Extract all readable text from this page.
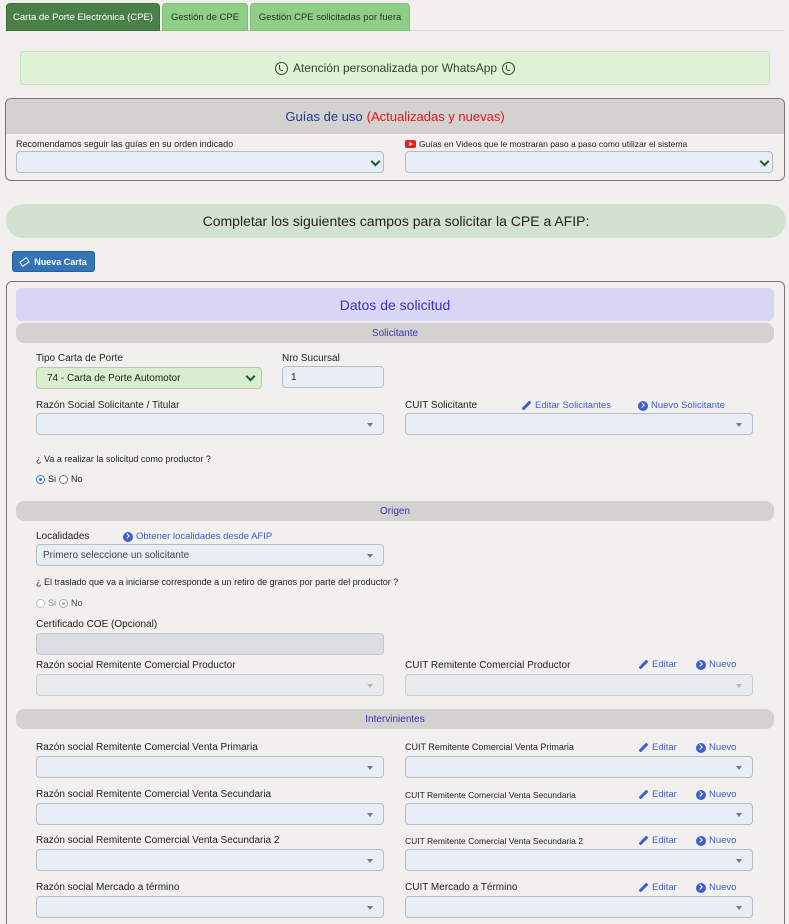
Carta de Porte Electrónica (CPE)	Gestión de CPE	Gestión CPE solicitadas por fuera
Atención personalizada por WhatsApp
Guías de uso (Actualizadas y nuevas)
Recomendamos seguir las guías en su orden indicado	Guías en Videos que le mostraran paso a paso como utilizar el sistema
Completar los siguientes campos para solicitar la CPE a AFIP:
Nueva Carta
Datos de solicitud
Solicitante
Tipo Carta de Porte
74 - Carta de Porte Automotor
Nro Sucursal
1
Razón Social Solicitante / Titular	CUIT Solicitante	Editar Solicitantes	Nuevo Solicitante
¿ Va a realizar la solicitud como productor ?
Si No
Origen
Localidades	Obtener localidades desde AFIP
Primero seleccione un solicitante
¿ El traslado que va a iniciarse corresponde a un retiro de granos por parte del productor ?
Si No
Certificado COE (Opcional)
Razón social Remitente Comercial Productor	CUIT Remitente Comercial Productor	Editar	Nuevo
Intervinientes
Razón social Remitente Comercial Venta Primaria	CUIT Remitente Comercial Venta Primaria	Editar	Nuevo
Razón social Remitente Comercial Venta Secundaria	CUIT Remitente Comercial Venta Secundaria	Editar	Nuevo
Razón social Remitente Comercial Venta Secundaria 2	CUIT Remitente Comercial Venta Secundaria 2	Editar	Nuevo
Razón social Mercado a término	CUIT Mercado a Término	Editar	Nuevo
